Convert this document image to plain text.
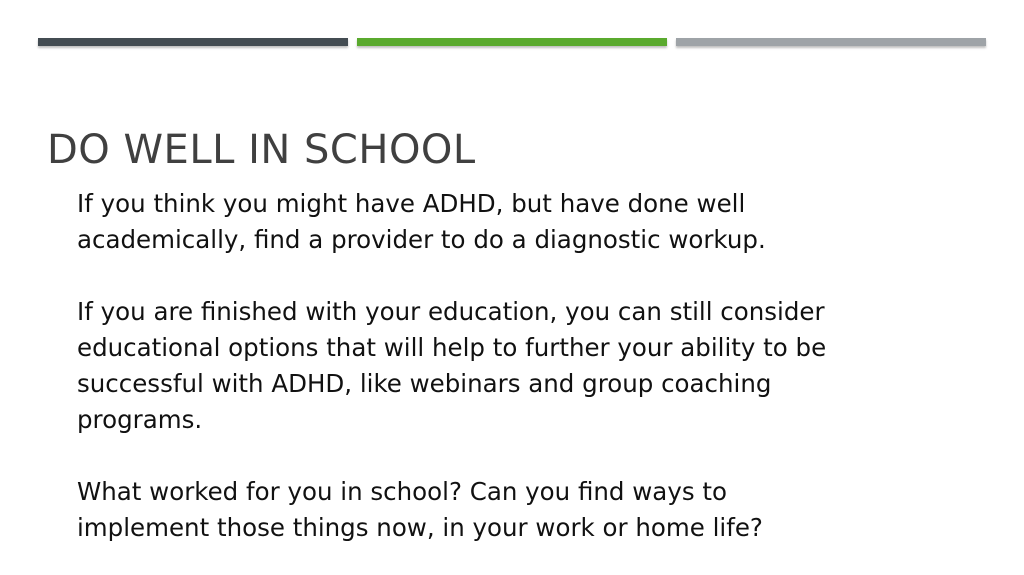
DO WELL IN SCHOOL

If you think you might have ADHD, but have done well
academically, find a provider to do a diagnostic workup.

If you are finished with your education, you can still consider
educational options that will help to further your ability to be
successful with ADHD, like webinars and group coaching
programs.

What worked for you in school? Can you find ways to
implement those things now, in your work or home life?
